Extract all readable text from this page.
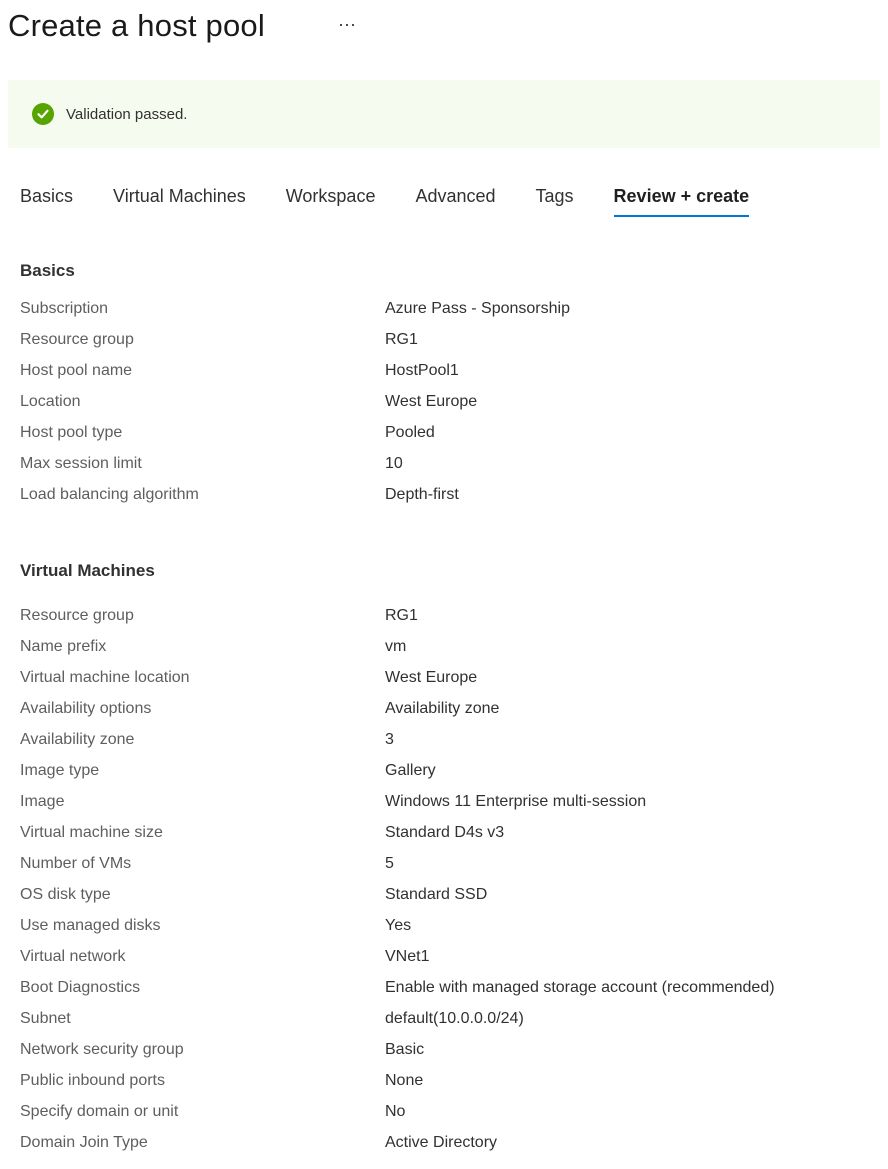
Create a host pool	···
Validation passed.
Basics Virtual Machines Workspace Advanced Tags Review + create
Basics
Subscription	Azure Pass - Sponsorship
Resource group	RG1
Host pool name	HostPool1
Location	West Europe
Host pool type	Pooled
Max session limit	10
Load balancing algorithm	Depth-first
Virtual Machines
Resource group	RG1
Name prefix	vm
Virtual machine location	West Europe
Availability options	Availability zone
Availability zone	3
Image type	Gallery
Image	Windows 11 Enterprise multi-session
Virtual machine size	Standard D4s v3
Number of VMs	5
OS disk type	Standard SSD
Use managed disks	Yes
Virtual network	VNet1
Boot Diagnostics	Enable with managed storage account (recommended)
Subnet	default(10.0.0.0/24)
Network security group	Basic
Public inbound ports	None
Specify domain or unit	No
Domain Join Type	Active Directory
